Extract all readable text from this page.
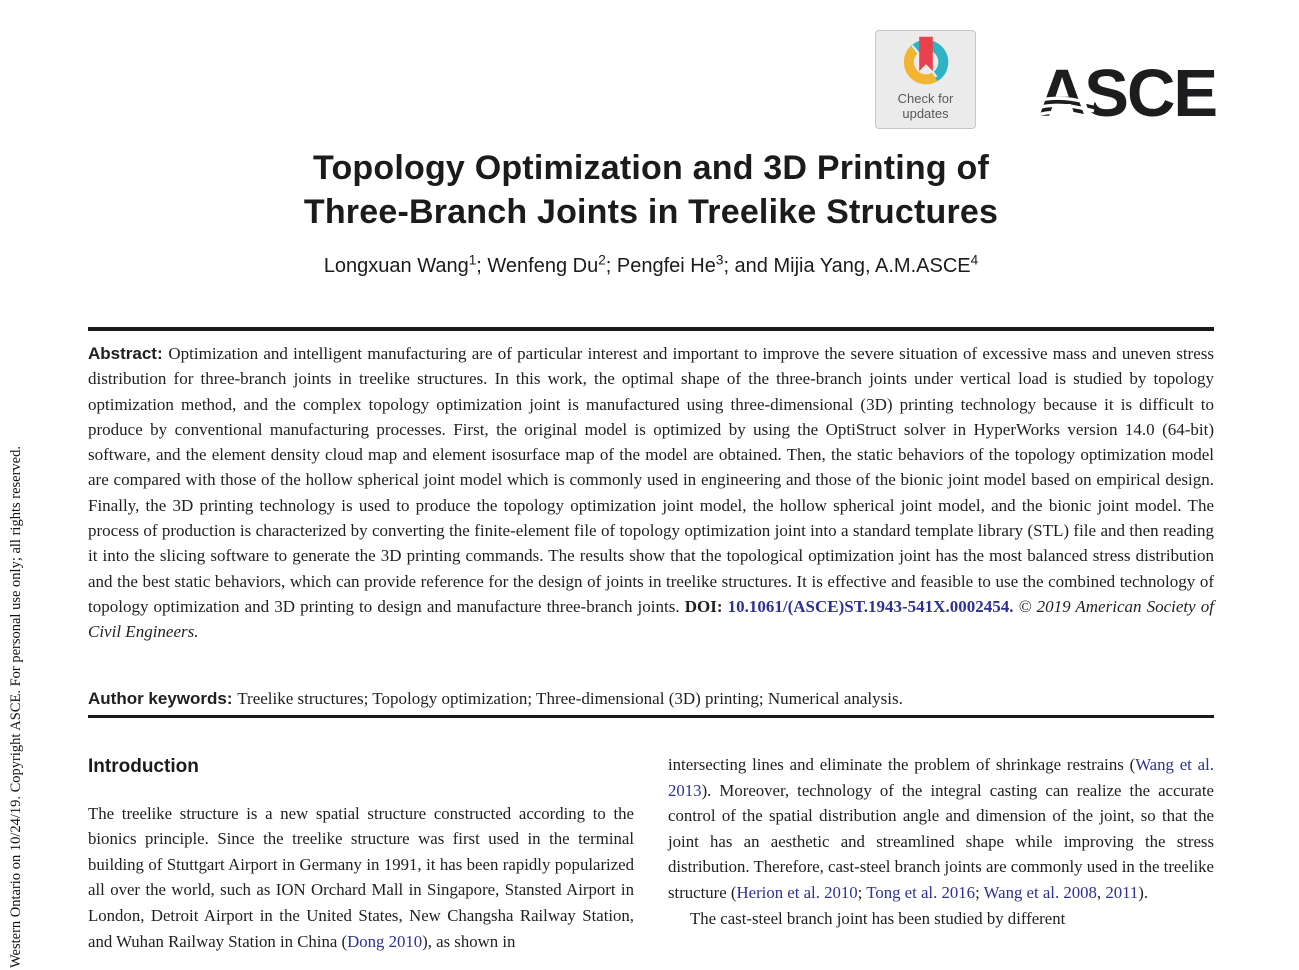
Western Ontario on 10/24/19. Copyright ASCE. For personal use only; all rights reserved.
Check for
updates ASCE
Topology Optimization and 3D Printing of
Three-Branch Joints in Treelike Structures
Longxuan Wang$^1$; Wenfeng Du$^2$; Pengfei He$^3$; and Mijia Yang, A.M.ASCE$^4$
Abstract: Optimization and intelligent manufacturing are of particular interest and important to improve the severe situation of excessive mass and uneven stress distribution for three-branch joints in treelike structures. In this work, the optimal shape of the three-branch joints under vertical load is studied by topology optimization method, and the complex topology optimization joint is manufactured using three-dimensional (3D) printing technology because it is difficult to produce by conventional manufacturing processes. First, the original model is optimized by using the OptiStruct solver in HyperWorks version 14.0 (64-bit) software, and the element density cloud map and element isosurface map of the model are obtained. Then, the static behaviors of the topology optimization model are compared with those of the hollow spherical joint model which is commonly used in engineering and those of the bionic joint model based on empirical design. Finally, the 3D printing technology is used to produce the topology optimization joint model, the hollow spherical joint model, and the bionic joint model. The process of production is characterized by converting the finite-element file of topology optimization joint into a standard template library (STL) file and then reading it into the slicing software to generate the 3D printing commands. The results show that the topological optimization joint has the most balanced stress distribution and the best static behaviors, which can provide reference for the design of joints in treelike structures. It is effective and feasible to use the combined technology of topology optimization and 3D printing to design and manufacture three-branch joints. DOI: 10.1061/(ASCE)ST.1943-541X.0002454. © 2019 American Society of Civil Engineers.
Author keywords: Treelike structures; Topology optimization; Three-dimensional (3D) printing; Numerical analysis.
Introduction

The treelike structure is a new spatial structure constructed according to the bionics principle. Since the treelike structure was first used in the terminal building of Stuttgart Airport in Germany in 1991, it has been rapidly popularized all over the world, such as ION Orchard Mall in Singapore, Stansted Airport in London, Detroit Airport in the United States, New Changsha Railway Station, and Wuhan Railway Station in China (Dong 2010), as shown in

intersecting lines and eliminate the problem of shrinkage restrains (Wang et al. 2013). Moreover, technology of the integral casting can realize the accurate control of the spatial distribution angle and dimension of the joint, so that the joint has an aesthetic and streamlined shape while improving the stress distribution. Therefore, cast-steel branch joints are commonly used in the treelike structure (Herion et al. 2010; Tong et al. 2016; Wang et al. 2008, 2011).

The cast-steel branch joint has been studied by different
